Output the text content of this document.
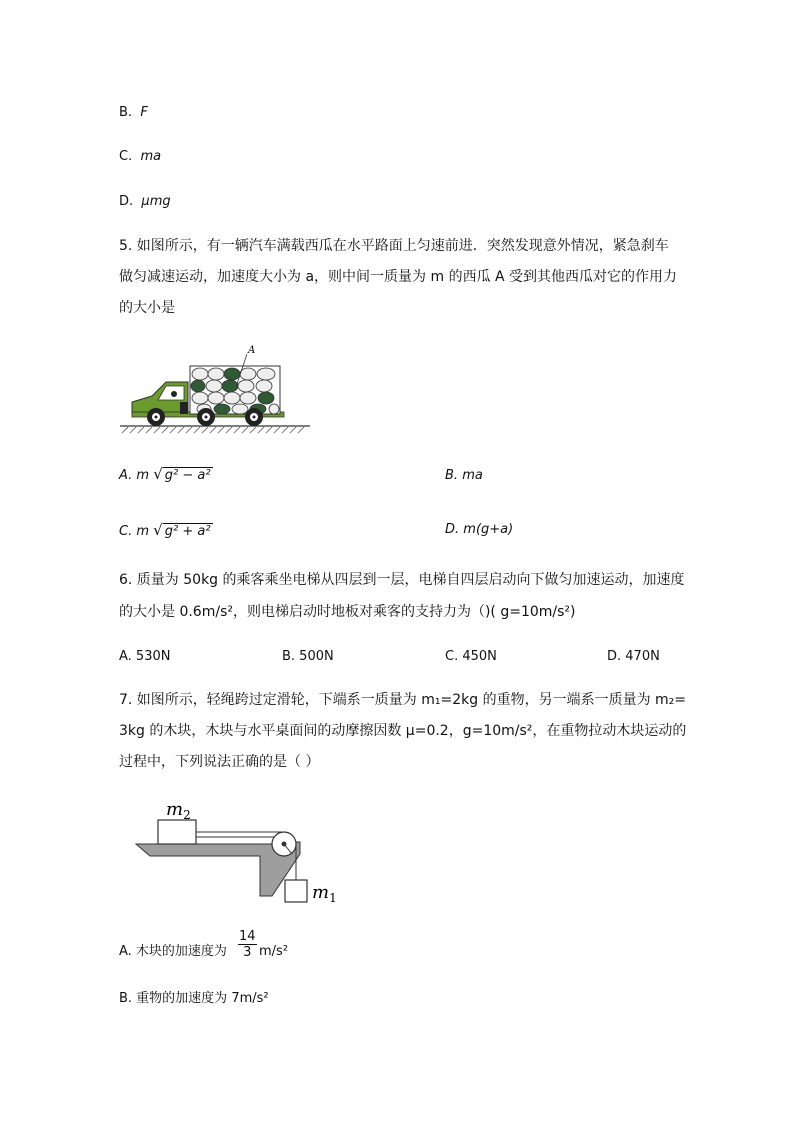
B. F
C. ma
D. μmg
5. 如图所示，有一辆汽车满载西瓜在水平路面上匀速前进．突然发现意外情况，紧急刹车
做匀减速运动，加速度大小为 a，则中间一质量为 m 的西瓜 A 受到其他西瓜对它的作用力
的大小是
A
A. m √ g² − a²	B. ma
C. m √ g² + a²	D. m(g+a)
6. 质量为 50kg 的乘客乘坐电梯从四层到一层，电梯自四层启动向下做匀加速运动，加速度
的大小是 0.6m/s²，则电梯启动时地板对乘客的支持力为（)( g=10m/s²)
A. 530N	B. 500N	C. 450N	D. 470N
7. 如图所示，轻绳跨过定滑轮，下端系一质量为 m₁=2kg 的重物，另一端系一质量为 m₂=
3kg 的木块，木块与水平桌面间的动摩擦因数 μ=0.2，g=10m/s²，在重物拉动木块运动的
过程中，下列说法正确的是（ ）
$m_2$
$m_1$
A. 木块的加速度为 $\frac{14}{3} m/s^2$
B. 重物的加速度为 7m/s²
